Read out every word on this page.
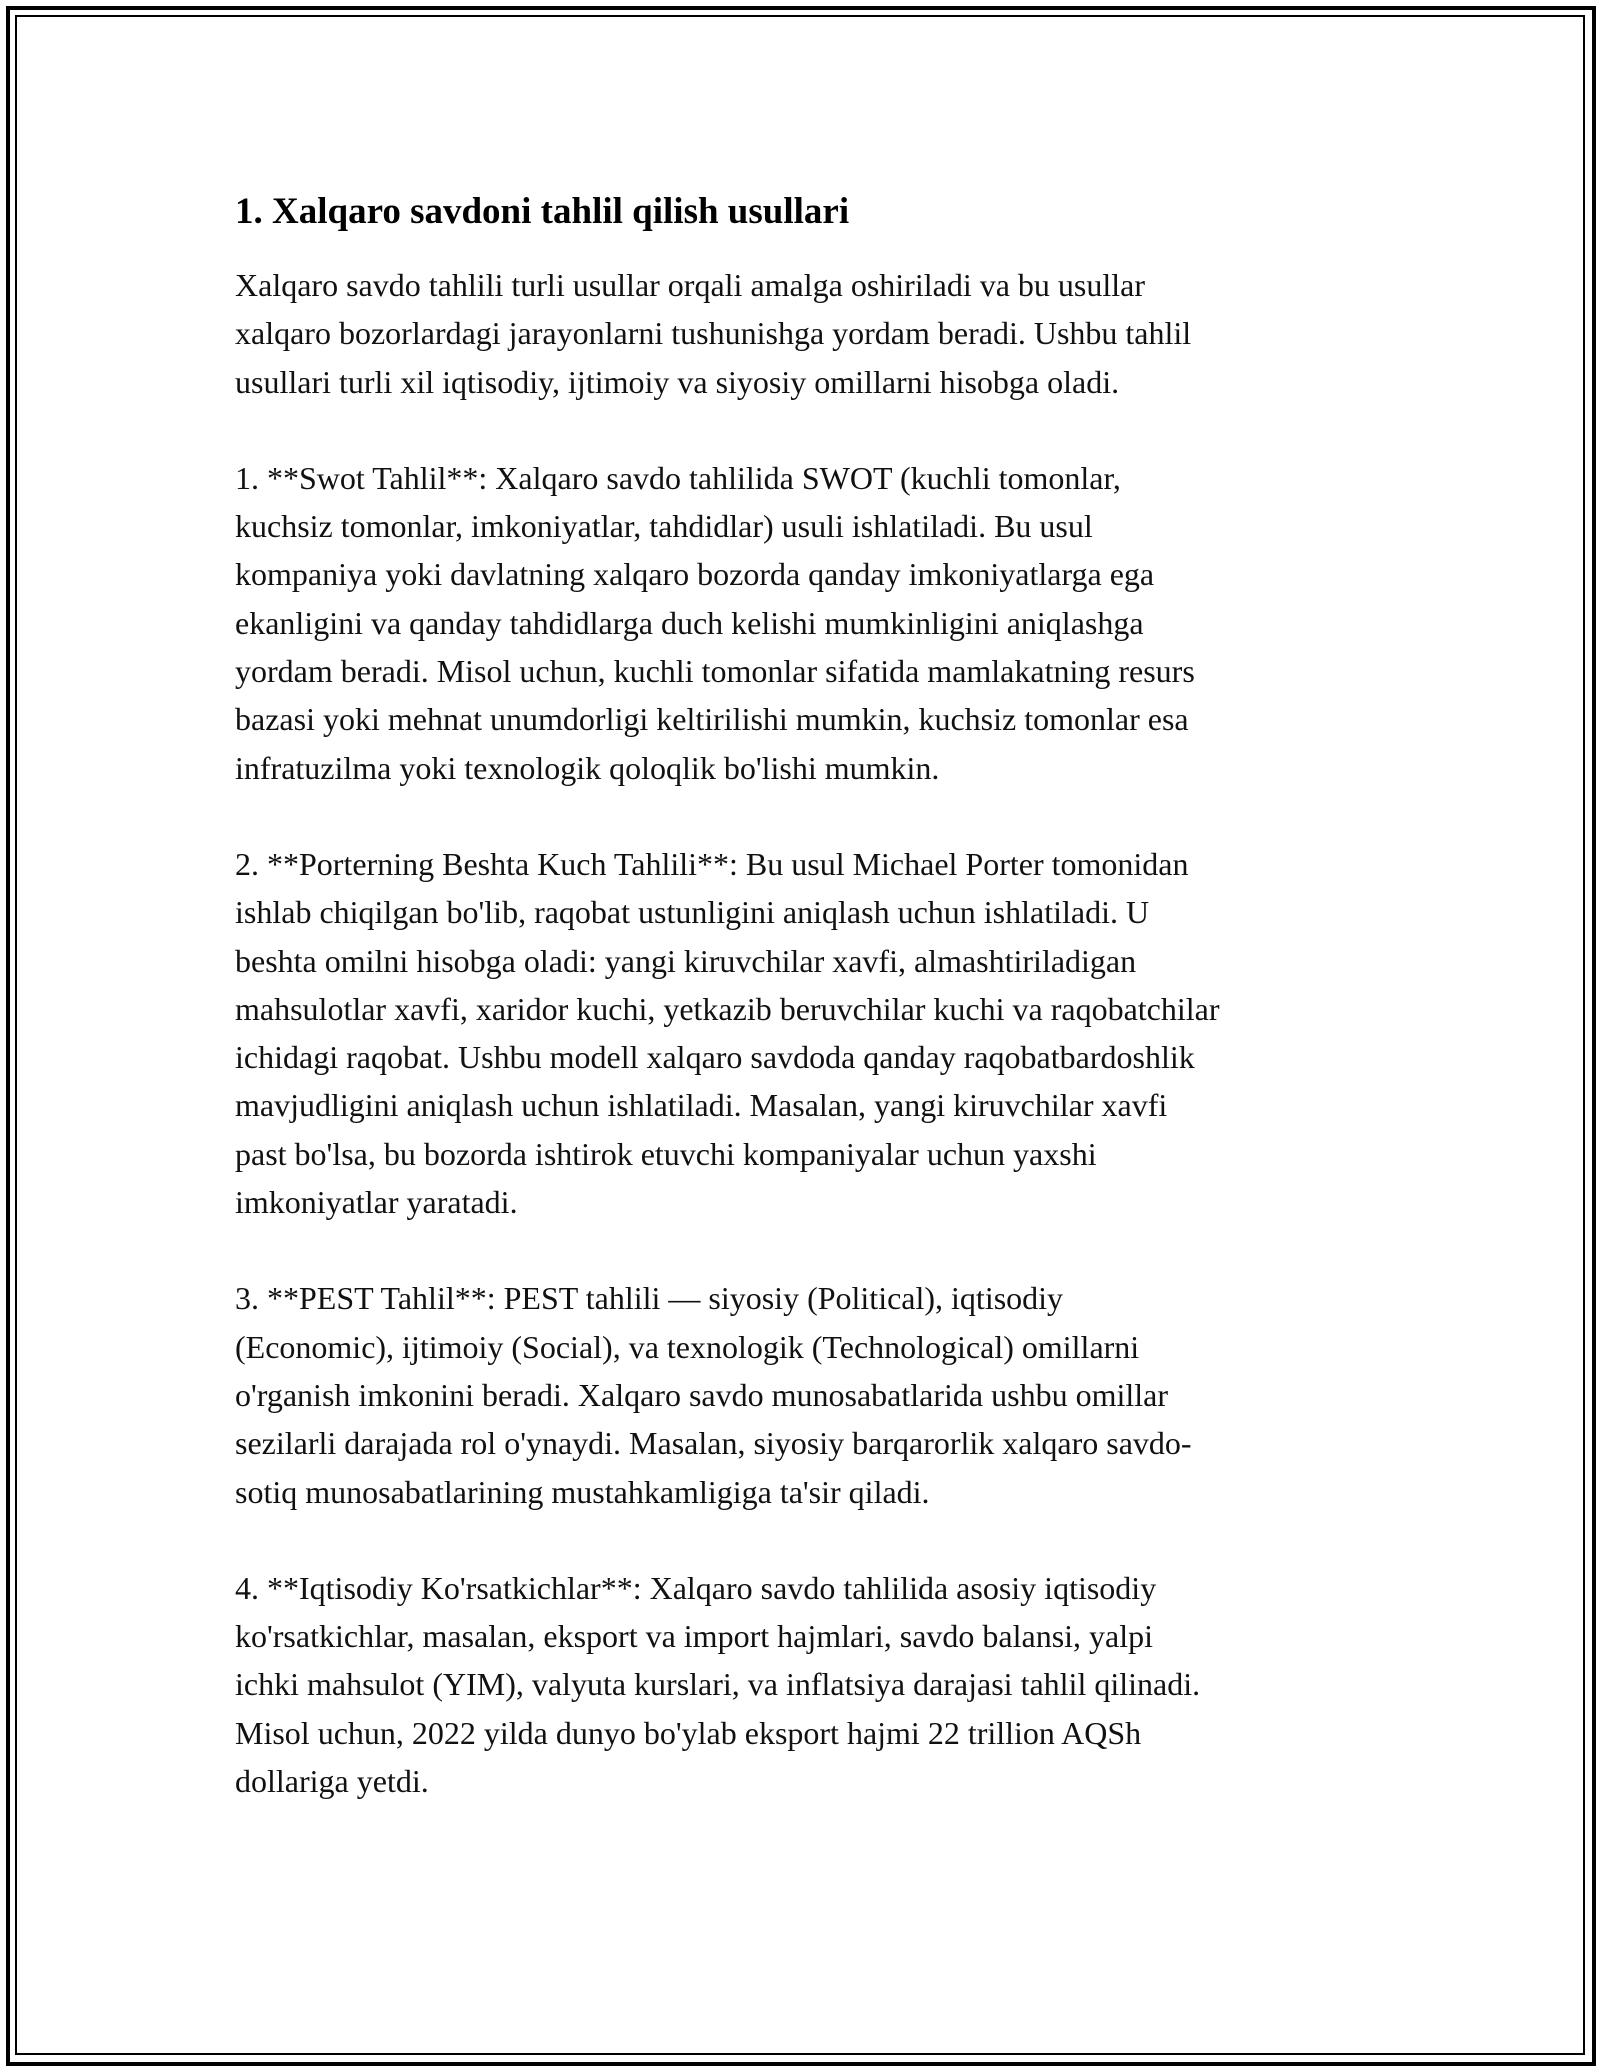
1. Xalqaro savdoni tahlil qilish usullari

Xalqaro savdo tahlili turli usullar orqali amalga oshiriladi va bu usullar
xalqaro bozorlardagi jarayonlarni tushunishga yordam beradi. Ushbu tahlil
usullari turli xil iqtisodiy, ijtimoiy va siyosiy omillarni hisobga oladi.

1. **Swot Tahlil**: Xalqaro savdo tahlilida SWOT (kuchli tomonlar,
kuchsiz tomonlar, imkoniyatlar, tahdidlar) usuli ishlatiladi. Bu usul
kompaniya yoki davlatning xalqaro bozorda qanday imkoniyatlarga ega
ekanligini va qanday tahdidlarga duch kelishi mumkinligini aniqlashga
yordam beradi. Misol uchun, kuchli tomonlar sifatida mamlakatning resurs
bazasi yoki mehnat unumdorligi keltirilishi mumkin, kuchsiz tomonlar esa
infratuzilma yoki texnologik qoloqlik bo'lishi mumkin.

2. **Porterning Beshta Kuch Tahlili**: Bu usul Michael Porter tomonidan
ishlab chiqilgan bo'lib, raqobat ustunligini aniqlash uchun ishlatiladi. U
beshta omilni hisobga oladi: yangi kiruvchilar xavfi, almashtiriladigan
mahsulotlar xavfi, xaridor kuchi, yetkazib beruvchilar kuchi va raqobatchilar
ichidagi raqobat. Ushbu modell xalqaro savdoda qanday raqobatbardoshlik
mavjudligini aniqlash uchun ishlatiladi. Masalan, yangi kiruvchilar xavfi
past bo'lsa, bu bozorda ishtirok etuvchi kompaniyalar uchun yaxshi
imkoniyatlar yaratadi.

3. **PEST Tahlil**: PEST tahlili — siyosiy (Political), iqtisodiy
(Economic), ijtimoiy (Social), va texnologik (Technological) omillarni
o'rganish imkonini beradi. Xalqaro savdo munosabatlarida ushbu omillar
sezilarli darajada rol o'ynaydi. Masalan, siyosiy barqarorlik xalqaro savdo-
sotiq munosabatlarining mustahkamligiga ta'sir qiladi.

4. **Iqtisodiy Ko'rsatkichlar**: Xalqaro savdo tahlilida asosiy iqtisodiy
ko'rsatkichlar, masalan, eksport va import hajmlari, savdo balansi, yalpi
ichki mahsulot (YIM), valyuta kurslari, va inflatsiya darajasi tahlil qilinadi.
Misol uchun, 2022 yilda dunyo bo'ylab eksport hajmi 22 trillion AQSh
dollariga yetdi.
